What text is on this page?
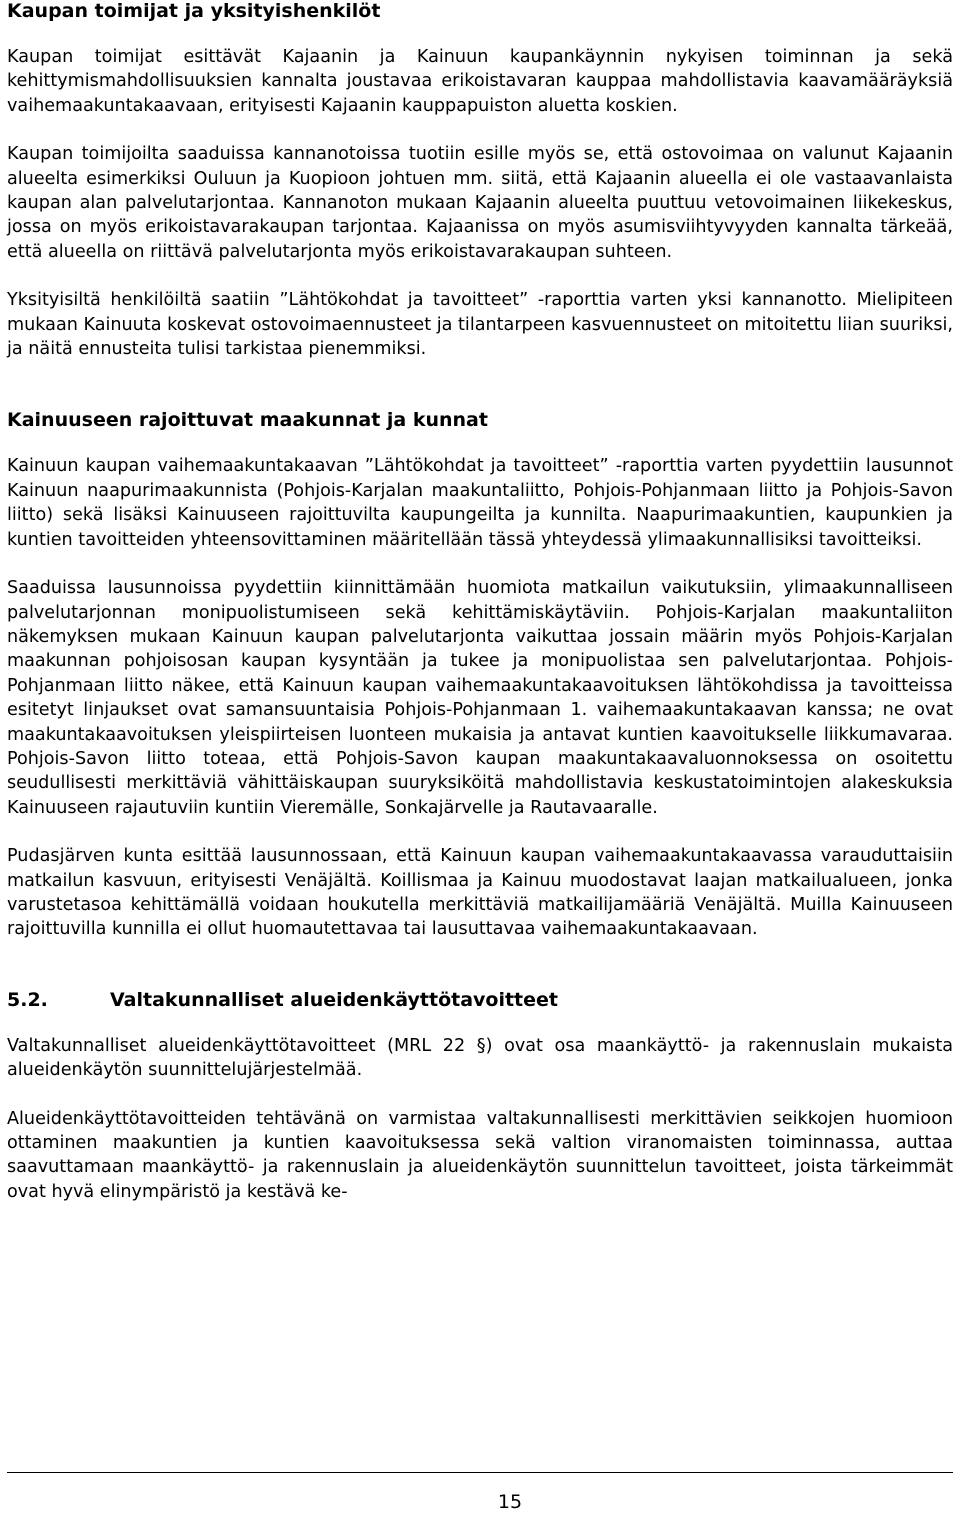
Kaupan toimijat ja yksityishenkilöt

Kaupan toimijat esittävät Kajaanin ja Kainuun kaupankäynnin nykyisen toiminnan ja sekä kehittymismahdollisuuksien kannalta joustavaa erikoistavaran kauppaa mahdollistavia kaavamääräyksiä vaihemaakuntakaavaan, erityisesti Kajaanin kauppapuiston aluetta koskien.

Kaupan toimijoilta saaduissa kannanotoissa tuotiin esille myös se, että ostovoimaa on valunut Kajaanin alueelta esimerkiksi Ouluun ja Kuopioon johtuen mm. siitä, että Kajaanin alueella ei ole vastaavanlaista kaupan alan palvelutarjontaa. Kannanoton mukaan Kajaanin alueelta puuttuu vetovoimainen liikekeskus, jossa on myös erikoistavarakaupan tarjontaa. Kajaanissa on myös asumisviihtyvyyden kannalta tärkeää, että alueella on riittävä palvelutarjonta myös erikoistavarakaupan suhteen.

Yksityisiltä henkilöiltä saatiin ”Lähtökohdat ja tavoitteet” -raporttia varten yksi kannanotto. Mielipiteen mukaan Kainuuta koskevat ostovoimaennusteet ja tilantarpeen kasvuennusteet on mitoitettu liian suuriksi, ja näitä ennusteita tulisi tarkistaa pienemmiksi.

Kainuuseen rajoittuvat maakunnat ja kunnat

Kainuun kaupan vaihemaakuntakaavan ”Lähtökohdat ja tavoitteet” -raporttia varten pyydettiin lausunnot Kainuun naapurimaakunnista (Pohjois-Karjalan maakuntaliitto, Pohjois-Pohjanmaan liitto ja Pohjois-Savon liitto) sekä lisäksi Kainuuseen rajoittuvilta kaupungeilta ja kunnilta. Naapurimaakuntien, kaupunkien ja kuntien tavoitteiden yhteensovittaminen määritellään tässä yhteydessä ylimaakunnallisiksi tavoitteiksi.

Saaduissa lausunnoissa pyydettiin kiinnittämään huomiota matkailun vaikutuksiin, ylimaakunnalliseen palvelutarjonnan monipuolistumiseen sekä kehittämiskäytäviin. Pohjois-Karjalan maakuntaliiton näkemyksen mukaan Kainuun kaupan palvelutarjonta vaikuttaa jossain määrin myös Pohjois-Karjalan maakunnan pohjoisosan kaupan kysyntään ja tukee ja monipuolistaa sen palvelutarjontaa. Pohjois-Pohjanmaan liitto näkee, että Kainuun kaupan vaihemaakuntakaavoituksen lähtökohdissa ja tavoitteissa esitetyt linjaukset ovat samansuuntaisia Pohjois-Pohjanmaan 1. vaihemaakuntakaavan kanssa; ne ovat maakuntakaavoituksen yleispiirteisen luonteen mukaisia ja antavat kuntien kaavoitukselle liikkumavaraa. Pohjois-Savon liitto toteaa, että Pohjois-Savon kaupan maakuntakaavaluonnoksessa on osoitettu seudullisesti merkittäviä vähittäiskaupan suuryksiköitä mahdollistavia keskustatoimintojen alakeskuksia Kainuuseen rajautuviin kuntiin Vieremälle, Sonkajärvelle ja Rautavaaralle.

Pudasjärven kunta esittää lausunnossaan, että Kainuun kaupan vaihemaakuntakaavassa varauduttaisiin matkailun kasvuun, erityisesti Venäjältä. Koillismaa ja Kainuu muodostavat laajan matkailualueen, jonka varustetasoa kehittämällä voidaan houkutella merkittäviä matkailijamääriä Venäjältä. Muilla Kainuuseen rajoittuvilla kunnilla ei ollut huomautettavaa tai lausuttavaa vaihemaakuntakaavaan.

5.2.	Valtakunnalliset alueidenkäyttötavoitteet

Valtakunnalliset alueidenkäyttötavoitteet (MRL 22 §) ovat osa maankäyttö- ja rakennuslain mukaista alueidenkäytön suunnittelujärjestelmää.

Alueidenkäyttötavoitteiden tehtävänä on varmistaa valtakunnallisesti merkittävien seikkojen huomioon ottaminen maakuntien ja kuntien kaavoituksessa sekä valtion viranomaisten toiminnassa, auttaa saavuttamaan maankäyttö- ja rakennuslain ja alueidenkäytön suunnittelun tavoitteet, joista tärkeimmät ovat hyvä elinympäristö ja kestävä ke-

15
